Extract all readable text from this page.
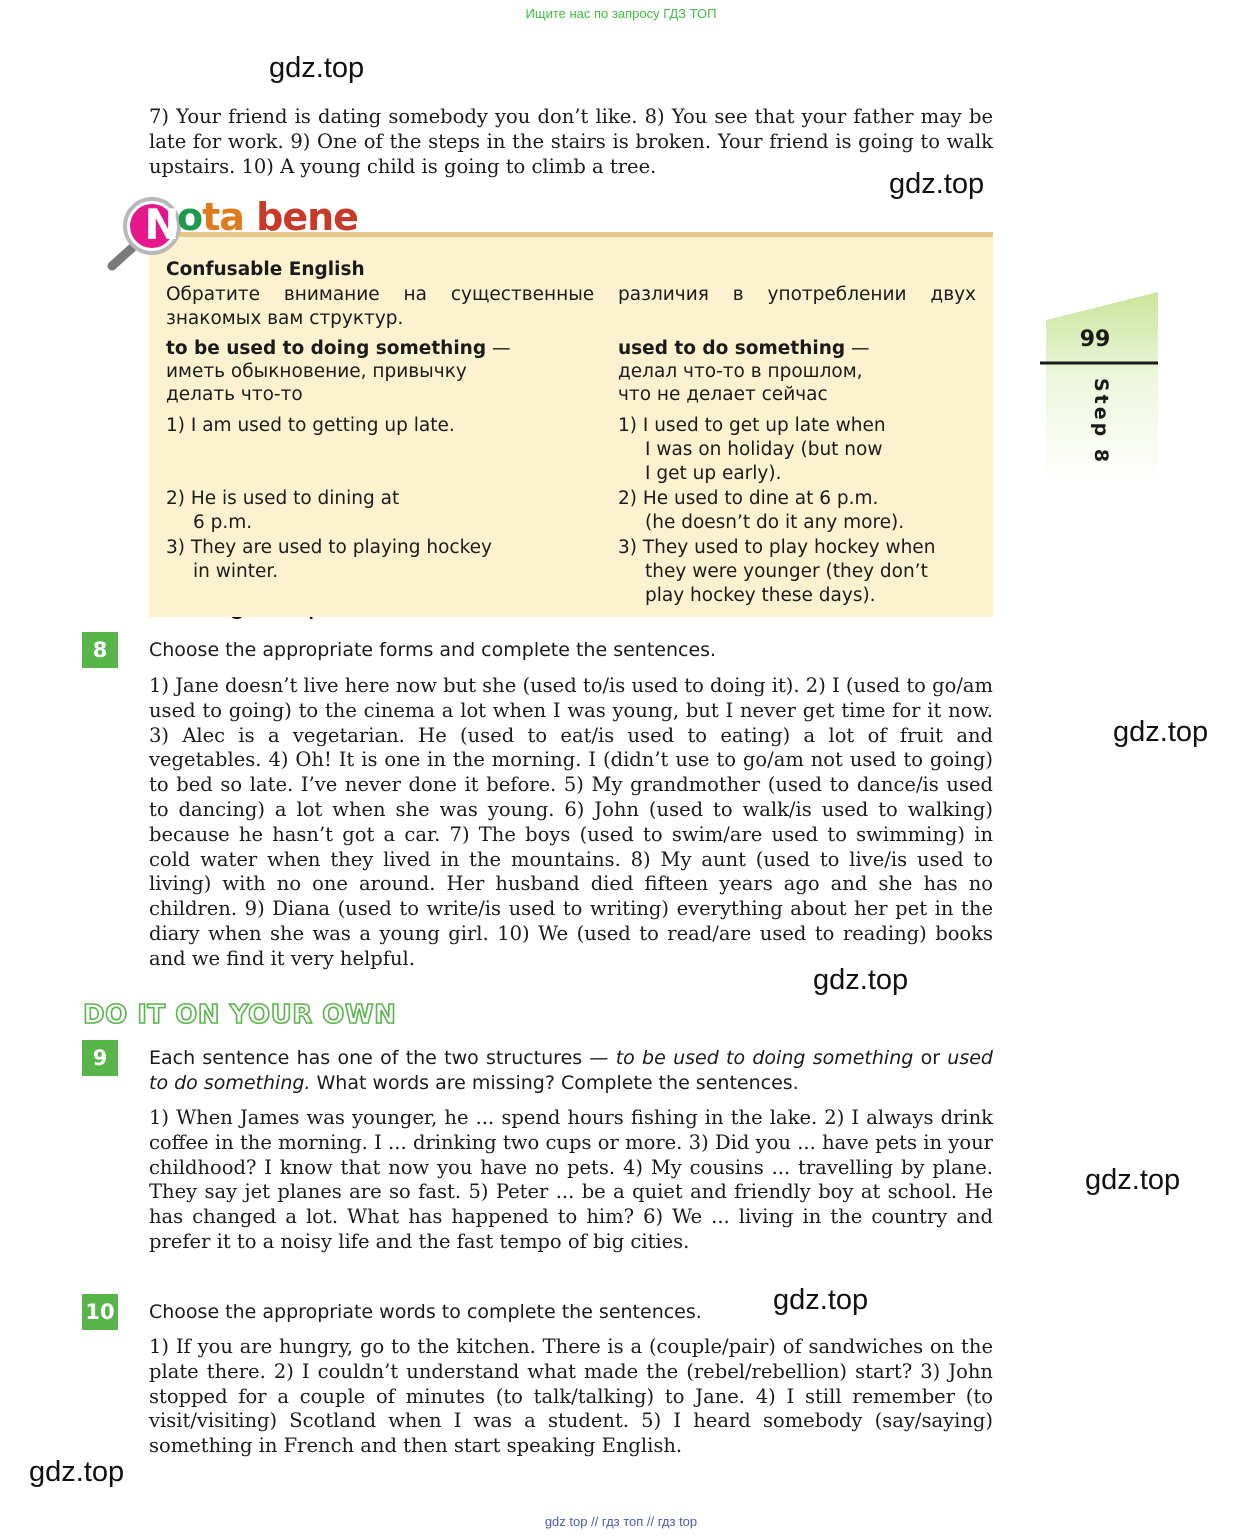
Ищите нас по запросу ГДЗ ТОП
gdz.top
gdz.top
gdz.top
gdz.top
gdz.top
gdz.top
gdz.top
7) Your friend is dating somebody you don’t like. 8) You see that your father may be late for work. 9) One of the steps in the stairs is broken. Your friend is going to walk upstairs. 10) A young child is going to climb a tree.
N
ota bene
Confusable English
Обратите внимание на существенные различия в употреблении двух
знакомых вам структур.
to be used to doing something —
иметь обыкновение, привычку
делать что-то
1) I am used to getting up late.
2) He is used to dining at
6 p.m.
3) They are used to playing hockey
in winter.
used to do something —
делал что-то в прошлом,
что не делает сейчас
1) I used to get up late when
I was on holiday (but now
I get up early).
2) He used to dine at 6 p.m.
(he doesn’t do it any more).
3) They used to play hockey when
they were younger (they don’t
play hockey these days).
99
Step 8
8	Choose the appropriate forms and complete the sentences.
1) Jane doesn’t live here now but she (used to/is used to doing it). 2) I (used to go/am used to going) to the cinema a lot when I was young, but I never get time for it now. 3) Alec is a vegetarian. He (used to eat/is used to eating) a lot of fruit and vegetables. 4) Oh! It is one in the morning. I (didn’t use to go/am not used to going) to bed so late. I’ve never done it before. 5) My grandmother (used to dance/is used to dancing) a lot when she was young. 6) John (used to walk/is used to walking) because he hasn’t got a car. 7) The boys (used to swim/are used to swimming) in cold water when they lived in the mountains. 8) My aunt (used to live/is used to living) with no one around. Her husband died fifteen years ago and she has no children. 9) Diana (used to write/is used to writing) everything about her pet in the diary when she was a young girl. 10) We (used to read/are used to reading) books and we find it very helpful.
DO IT ON YOUR OWN
9	Each sentence has one of the two structures — to be used to doing something or used to do something. What words are missing? Complete the sentences.
1) When James was younger, he ... spend hours fishing in the lake. 2) I always drink coffee in the morning. I ... drinking two cups or more. 3) Did you ... have pets in your childhood? I know that now you have no pets. 4) My cousins ... travelling by plane. They say jet planes are so fast. 5) Peter ... be a quiet and friendly boy at school. He has changed a lot. What has happened to him? 6) We ... living in the country and prefer it to a noisy life and the fast tempo of big cities.
10 Choose the appropriate words to complete the sentences.
1) If you are hungry, go to the kitchen. There is a (couple/pair) of sandwiches on the plate there. 2) I couldn’t understand what made the (rebel/rebellion) start? 3) John stopped for a couple of minutes (to talk/talking) to Jane. 4) I still remember (to visit/visiting) Scotland when I was a student. 5) I heard somebody (say/saying) something in French and then start speaking English.
gdz top // гдз топ // гдз top
